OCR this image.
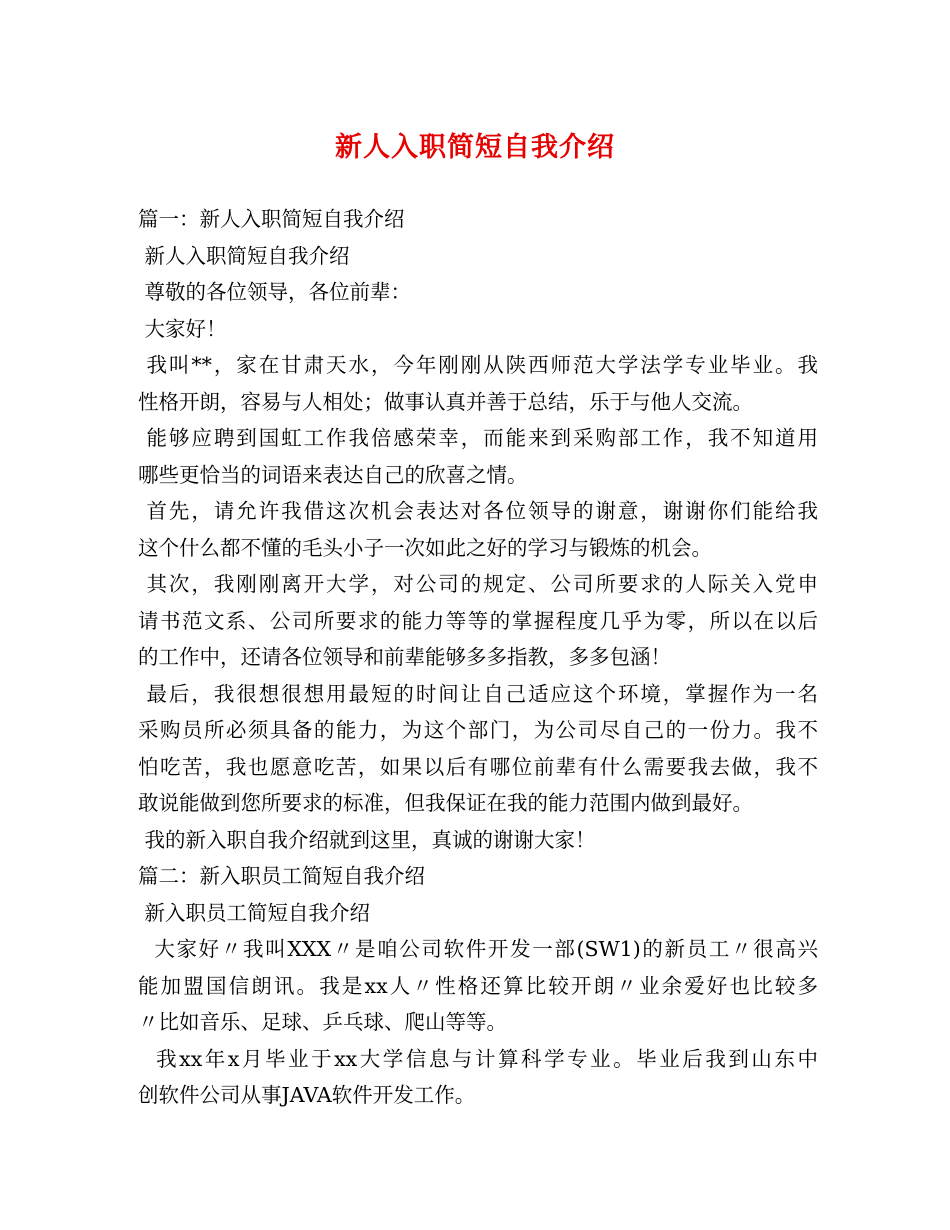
新人入职简短自我介绍
篇一：新人入职简短自我介绍
新人入职简短自我介绍
尊敬的各位领导，各位前辈：
大家好！
我叫**，家在甘肃天水，今年刚刚从陕西师范大学法学专业毕业。我
性格开朗，容易与人相处；做事认真并善于总结，乐于与他人交流。
能够应聘到国虹工作我倍感荣幸，而能来到采购部工作，我不知道用
哪些更恰当的词语来表达自己的欣喜之情。
首先，请允许我借这次机会表达对各位领导的谢意，谢谢你们能给我
这个什么都不懂的毛头小子一次如此之好的学习与锻炼的机会。
其次，我刚刚离开大学，对公司的规定、公司所要求的人际关入党申
请书范文系、公司所要求的能力等等的掌握程度几乎为零，所以在以后
的工作中，还请各位领导和前辈能够多多指教，多多包涵！
最后，我很想很想用最短的时间让自己适应这个环境，掌握作为一名
采购员所必须具备的能力，为这个部门，为公司尽自己的一份力。我不
怕吃苦，我也愿意吃苦，如果以后有哪位前辈有什么需要我去做，我不
敢说能做到您所要求的标准，但我保证在我的能力范围内做到最好。
我的新入职自我介绍就到这里，真诚的谢谢大家！
篇二：新入职员工简短自我介绍
新入职员工简短自我介绍
大家好〃我叫XXX〃是咱公司软件开发一部(SW1)的新员工〃很高兴
能加盟国信朗讯。我是xx人〃性格还算比较开朗〃业余爱好也比较多
〃比如音乐、足球、乒乓球、爬山等等。
我xx年x月毕业于xx大学信息与计算科学专业。毕业后我到山东中
创软件公司从事JAVA软件开发工作。
